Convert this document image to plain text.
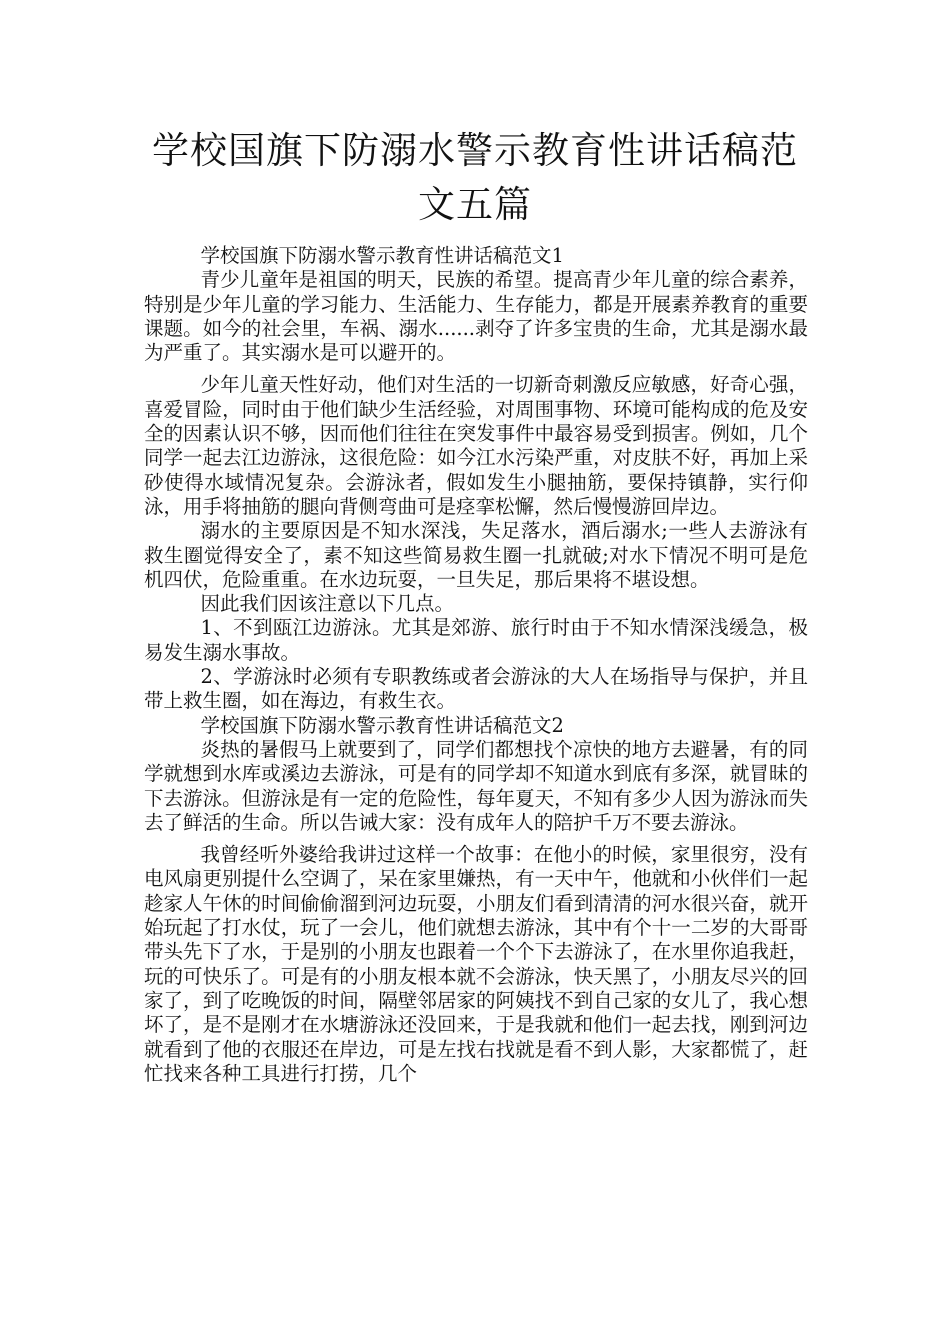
学校国旗下防溺水警示教育性讲话稿范文五篇

学校国旗下防溺水警示教育性讲话稿范文1

青少儿童年是祖国的明天，民族的希望。提高青少年儿童的综合素养，特别是少年儿童的学习能力、生活能力、生存能力，都是开展素养教育的重要课题。如今的社会里，车祸、溺水......剥夺了许多宝贵的生命，尤其是溺水最为严重了。其实溺水是可以避开的。

少年儿童天性好动，他们对生活的一切新奇刺激反应敏感，好奇心强，喜爱冒险，同时由于他们缺少生活经验，对周围事物、环境可能构成的危及安全的因素认识不够，因而他们往往在突发事件中最容易受到损害。例如，几个同学一起去江边游泳，这很危险：如今江水污染严重，对皮肤不好，再加上采砂使得水域情况复杂。会游泳者，假如发生小腿抽筋，要保持镇静，实行仰泳，用手将抽筋的腿向背侧弯曲可是痉挛松懈，然后慢慢游回岸边。

溺水的主要原因是不知水深浅，失足落水，酒后溺水;一些人去游泳有救生圈觉得安全了，素不知这些简易救生圈一扎就破;对水下情况不明可是危机四伏，危险重重。在水边玩耍，一旦失足，那后果将不堪设想。

因此我们因该注意以下几点。

1、不到瓯江边游泳。尤其是郊游、旅行时由于不知水情深浅缓急，极易发生溺水事故。

2、学游泳时必须有专职教练或者会游泳的大人在场指导与保护，并且带上救生圈，如在海边，有救生衣。

学校国旗下防溺水警示教育性讲话稿范文2

炎热的暑假马上就要到了，同学们都想找个凉快的地方去避暑，有的同学就想到水库或溪边去游泳，可是有的同学却不知道水到底有多深，就冒昧的下去游泳。但游泳是有一定的危险性，每年夏天，不知有多少人因为游泳而失去了鲜活的生命。所以告诫大家：没有成年人的陪护千万不要去游泳。

我曾经听外婆给我讲过这样一个故事：在他小的时候，家里很穷，没有电风扇更别提什么空调了，呆在家里嫌热，有一天中午，他就和小伙伴们一起趁家人午休的时间偷偷溜到河边玩耍，小朋友们看到清清的河水很兴奋，就开始玩起了打水仗，玩了一会儿，他们就想去游泳，其中有个十一二岁的大哥哥带头先下了水，于是别的小朋友也跟着一个个下去游泳了，在水里你追我赶，玩的可快乐了。可是有的小朋友根本就不会游泳，快天黑了，小朋友尽兴的回家了，到了吃晚饭的时间，隔壁邻居家的阿姨找不到自己家的女儿了，我心想坏了，是不是刚才在水塘游泳还没回来，于是我就和他们一起去找，刚到河边就看到了他的衣服还在岸边，可是左找右找就是看不到人影，大家都慌了，赶忙找来各种工具进行打捞，几个
